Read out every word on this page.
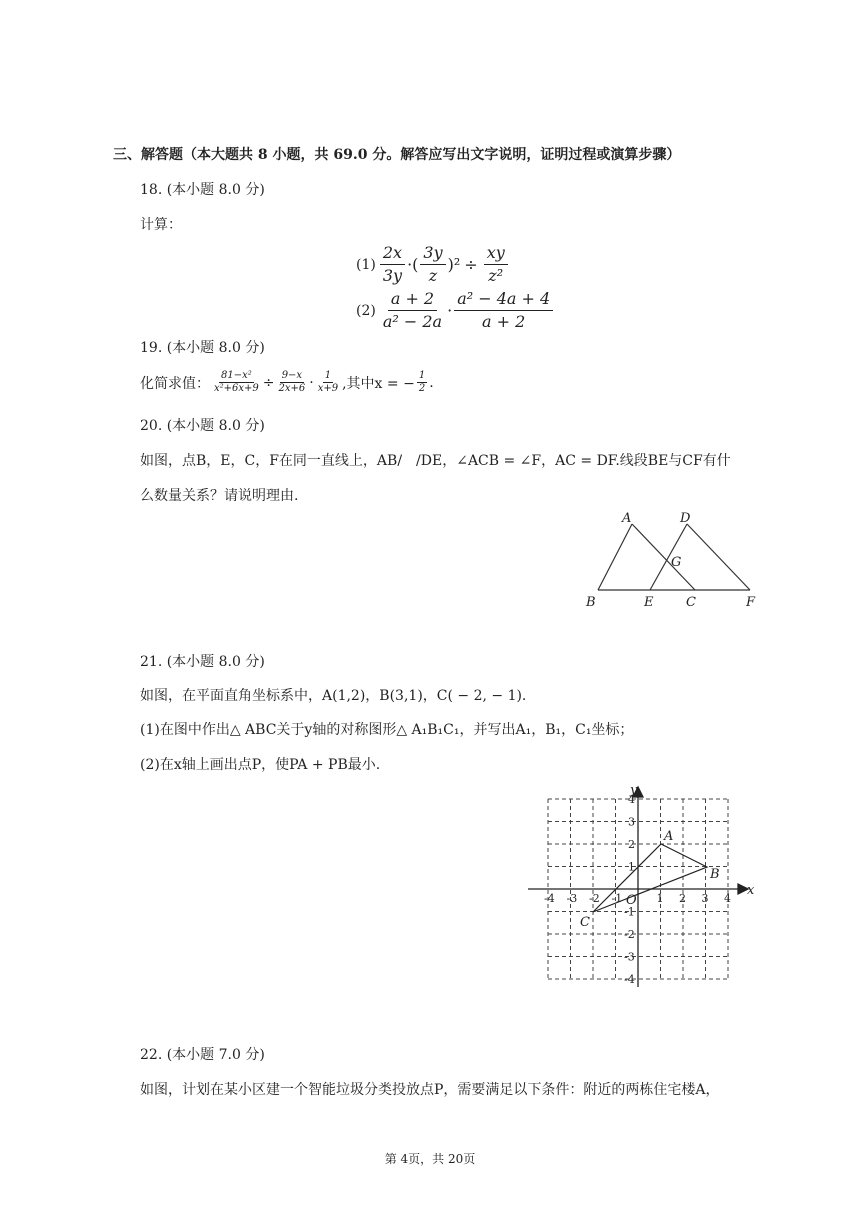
三、解答题（本大题共 8 小题，共 69.0 分。解答应写出文字说明，证明过程或演算步骤）
18. (本小题 8.0 分)
计算：
$(1) \frac{2x}{3y}$ · ( $\frac{3y}{z} )^2 \div \frac{xy}{\text{z²}}$
$(2) \frac{a + 2}{\text{a² − 2a}} \cdot \frac{\text{a² − 4a + 4}}{a + 2}$
19. (本小题 8.0 分)
化简求值： $\frac{\text{81−x²}}{\text{x²+6x+9}} \div \frac{9-x}{2x+6} \cdot \frac{1}{x+9}$ ,其中x = − $\frac{1}{2}$ .
20. (本小题 8.0 分)
如图，点B，E，C，F在同一直线上，AB/　/DE，∠ACB = ∠F，AC = DF.线段BE与CF有什
么数量关系？请说明理由.
A	D
G
B	E	C	F
21. (本小题 8.0 分)
如图，在平面直角坐标系中，A(1,2)，B(3,1)，C( − 2, − 1).
(1)在图中作出△ ABC关于y轴的对称图形△ A₁B₁C₁，并写出A₁，B₁，C₁坐标；
(2)在x轴上画出点P，使PA + PB最小.
-4 -3 -2 -1	1 2 3 4
4
3
2
1
-1
-2
-3
-4
x
y
O
A
B
C
22. (本小题 7.0 分)
如图，计划在某小区建一个智能垃圾分类投放点P，需要满足以下条件：附近的两栋住宅楼A，
第 4页，共 20页
